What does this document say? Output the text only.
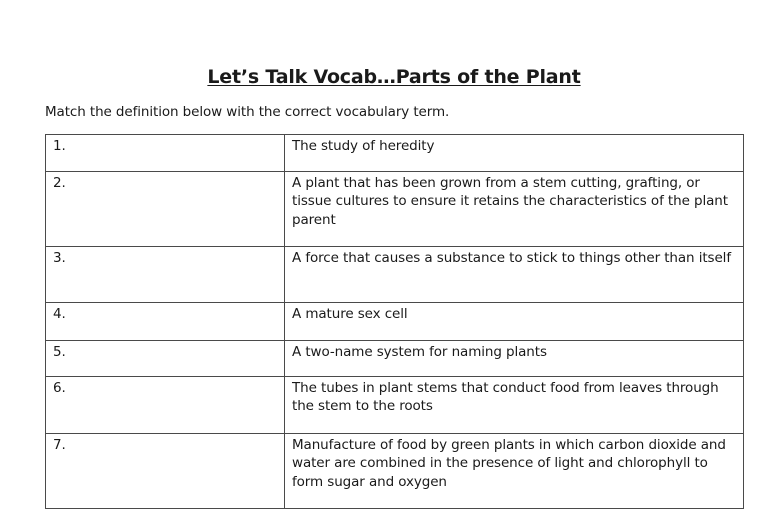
Let’s Talk Vocab…Parts of the Plant
Match the definition below with the correct vocabulary term.
1.	The study of heredity
2.	A plant that has been grown from a stem cutting, grafting, or tissue cultures to ensure it retains the characteristics of the plant parent
3.	A force that causes a substance to stick to things other than itself
4.	A mature sex cell
5.	A two-name system for naming plants
6.	The tubes in plant stems that conduct food from leaves through the stem to the roots
7.	Manufacture of food by green plants in which carbon dioxide and water are combined in the presence of light and chlorophyll to form sugar and oxygen
